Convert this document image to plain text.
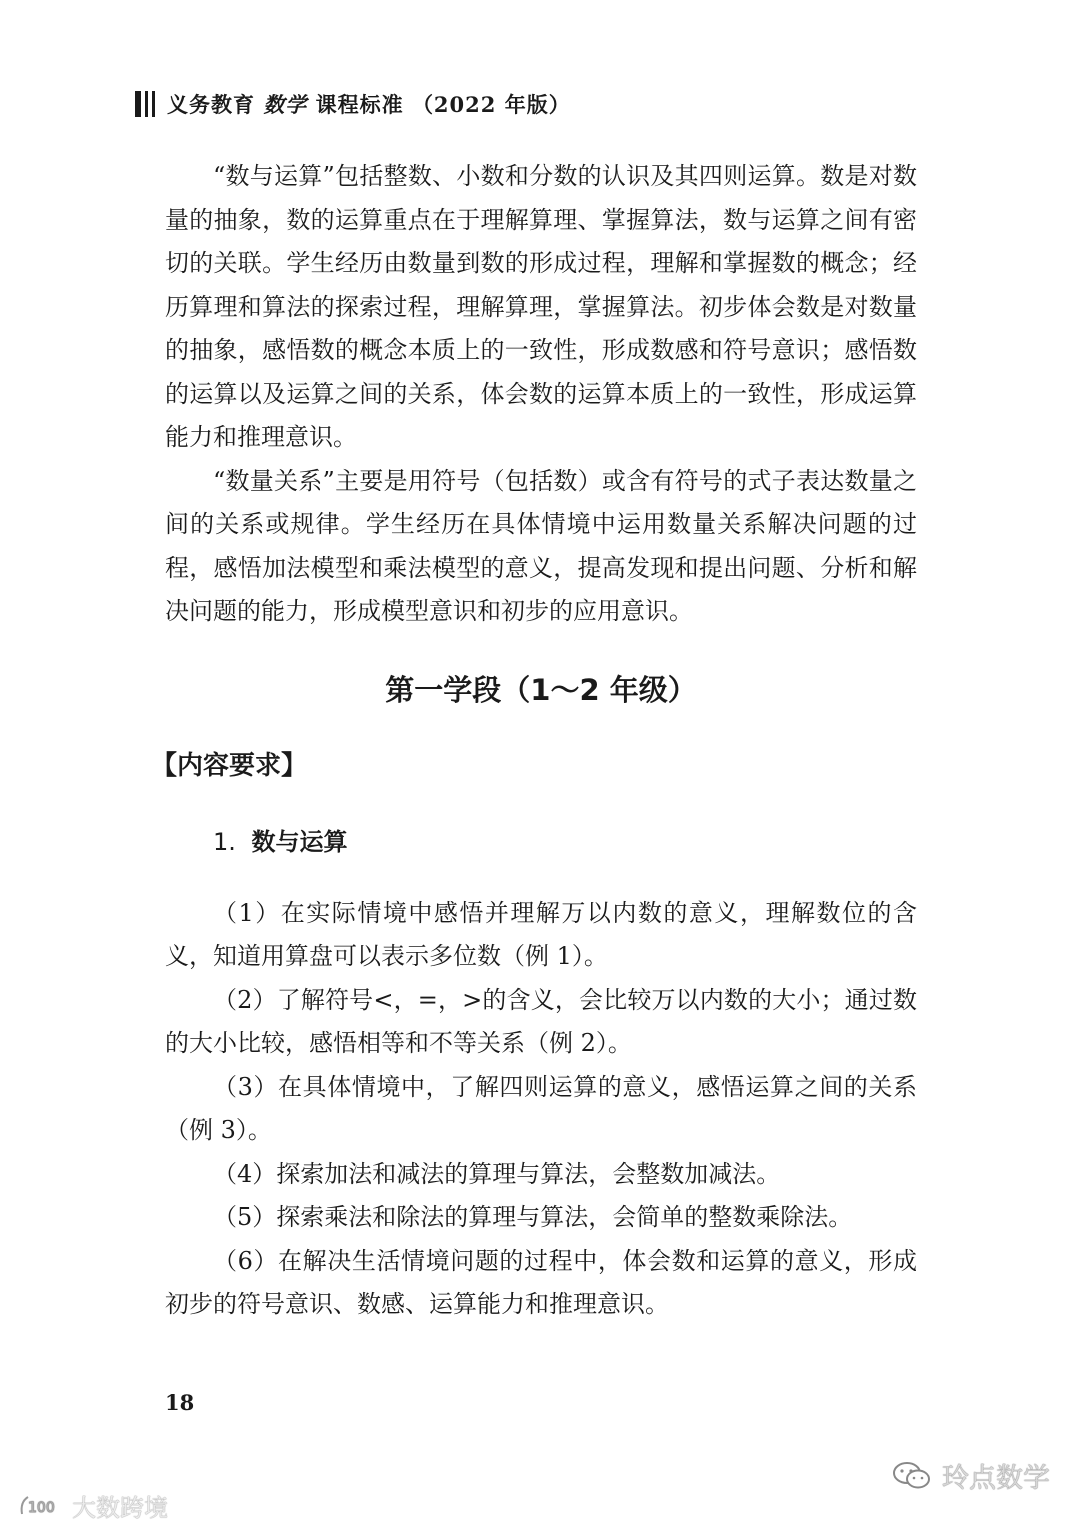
义务教育 数学 课程标准 （2022 年版）

“数与运算”包括整数、小数和分数的认识及其四则运算。数是对数量的抽象，数的运算重点在于理解算理、掌握算法，数与运算之间有密切的关联。学生经历由数量到数的形成过程，理解和掌握数的概念；经历算理和算法的探索过程，理解算理，掌握算法。初步体会数是对数量的抽象，感悟数的概念本质上的一致性，形成数感和符号意识；感悟数的运算以及运算之间的关系，体会数的运算本质上的一致性，形成运算能力和推理意识。

“数量关系”主要是用符号（包括数）或含有符号的式子表达数量之间的关系或规律。学生经历在具体情境中运用数量关系解决问题的过程，感悟加法模型和乘法模型的意义，提高发现和提出问题、分析和解决问题的能力，形成模型意识和初步的应用意识。

第一学段（1～2 年级）
【内容要求】
1. 数与运算

（1）在实际情境中感悟并理解万以内数的意义，理解数位的含义，知道用算盘可以表示多位数（例 1）。

（2）了解符号<，=，>的含义，会比较万以内数的大小；通过数的大小比较，感悟相等和不等关系（例 2）。

（3）在具体情境中，了解四则运算的意义，感悟运算之间的关系（例 3）。

（4）探索加法和减法的算理与算法，会整数加减法。

（5）探索乘法和除法的算理与算法，会简单的整数乘除法。

（6）在解决生活情境问题的过程中，体会数和运算的意义，形成初步的符号意识、数感、运算能力和推理意识。

18
玲点数学
100 大数跨境
